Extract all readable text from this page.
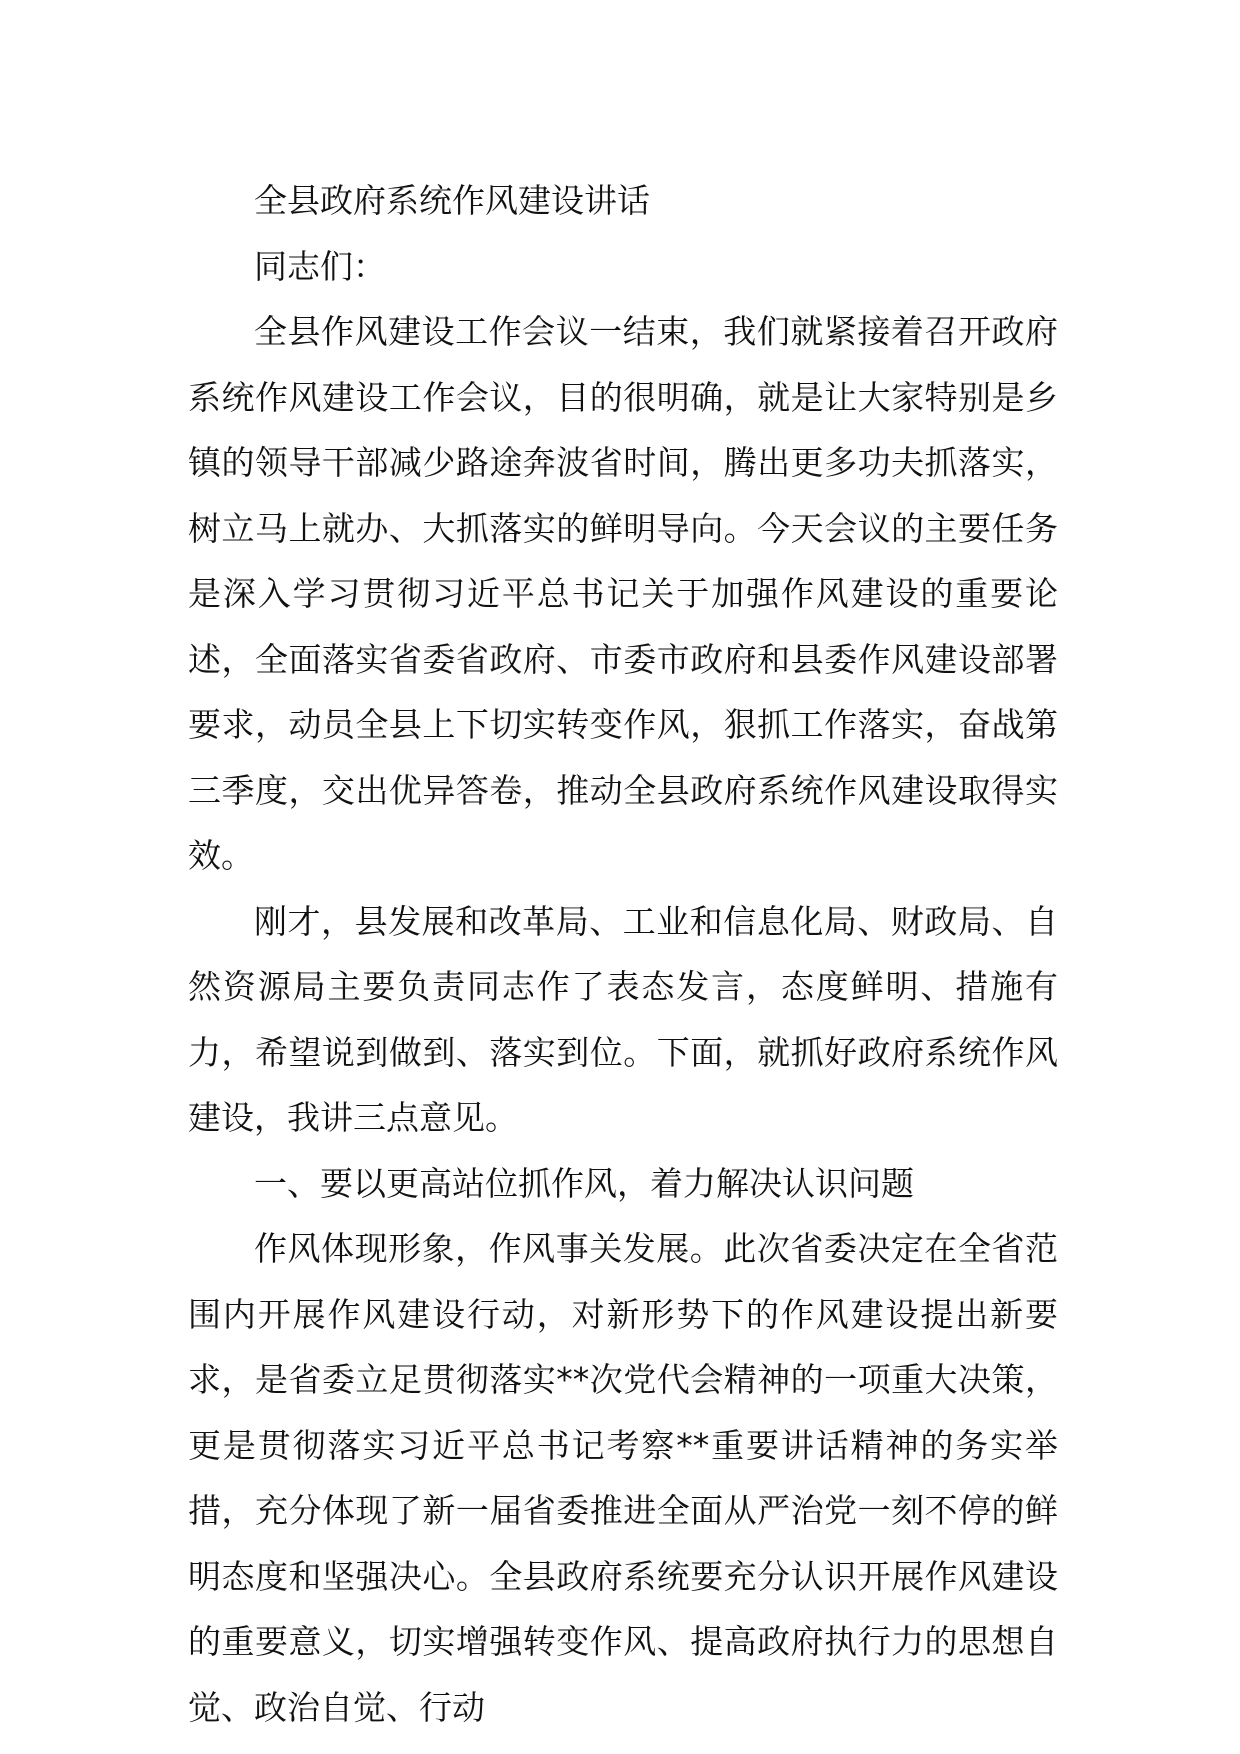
全县政府系统作风建设讲话

同志们：

全县作风建设工作会议一结束，我们就紧接着召开政府系统作风建设工作会议，目的很明确，就是让大家特别是乡镇的领导干部减少路途奔波省时间，腾出更多功夫抓落实，树立马上就办、大抓落实的鲜明导向。今天会议的主要任务是深入学习贯彻习近平总书记关于加强作风建设的重要论述，全面落实省委省政府、市委市政府和县委作风建设部署要求，动员全县上下切实转变作风，狠抓工作落实，奋战第三季度，交出优异答卷，推动全县政府系统作风建设取得实效。

刚才，县发展和改革局、工业和信息化局、财政局、自然资源局主要负责同志作了表态发言，态度鲜明、措施有力，希望说到做到、落实到位。下面，就抓好政府系统作风建设，我讲三点意见。

一、要以更高站位抓作风，着力解决认识问题

作风体现形象，作风事关发展。此次省委决定在全省范围内开展作风建设行动，对新形势下的作风建设提出新要求，是省委立足贯彻落实**次党代会精神的一项重大决策，更是贯彻落实习近平总书记考察**重要讲话精神的务实举措，充分体现了新一届省委推进全面从严治党一刻不停的鲜明态度和坚强决心。全县政府系统要充分认识开展作风建设的重要意义，切实增强转变作风、提高政府执行力的思想自觉、政治自觉、行动
